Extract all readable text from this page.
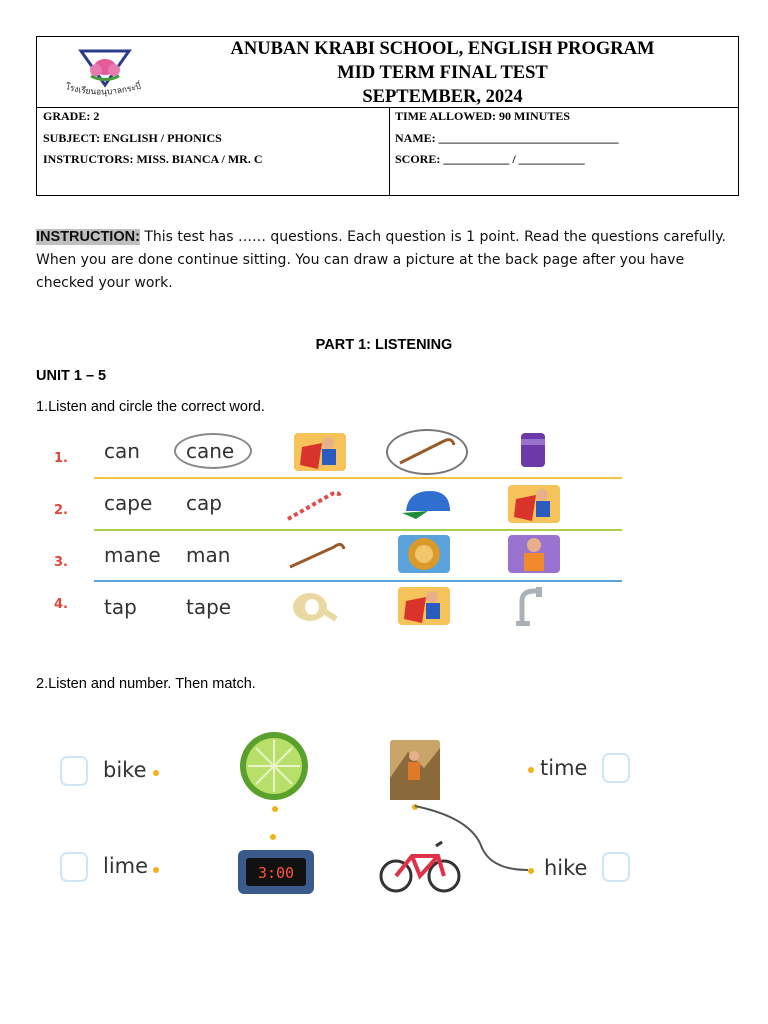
โรงเรียนอนุบาลกระบี่
ANUBAN KRABI SCHOOL, ENGLISH PROGRAM
MID TERM FINAL TEST
SEPTEMBER, 2024
GRADE: 2
SUBJECT: ENGLISH / PHONICS
INSTRUCTORS: MISS. BIANCA / MR. C
TIME ALLOWED: 90 MINUTES
NAME: ______________________________
SCORE: ___________ / ___________
INSTRUCTION: This test has …… questions. Each question is 1 point. Read the questions carefully. When you are done continue sitting. You can draw a picture at the back page after you have checked your work.
PART 1: LISTENING
UNIT 1 – 5
1.Listen and circle the correct word.
1. can cane
2. cape cap
3. mane man
4. tap tape
2.Listen and number. Then match.
bike
lime	3:00
time
hike
